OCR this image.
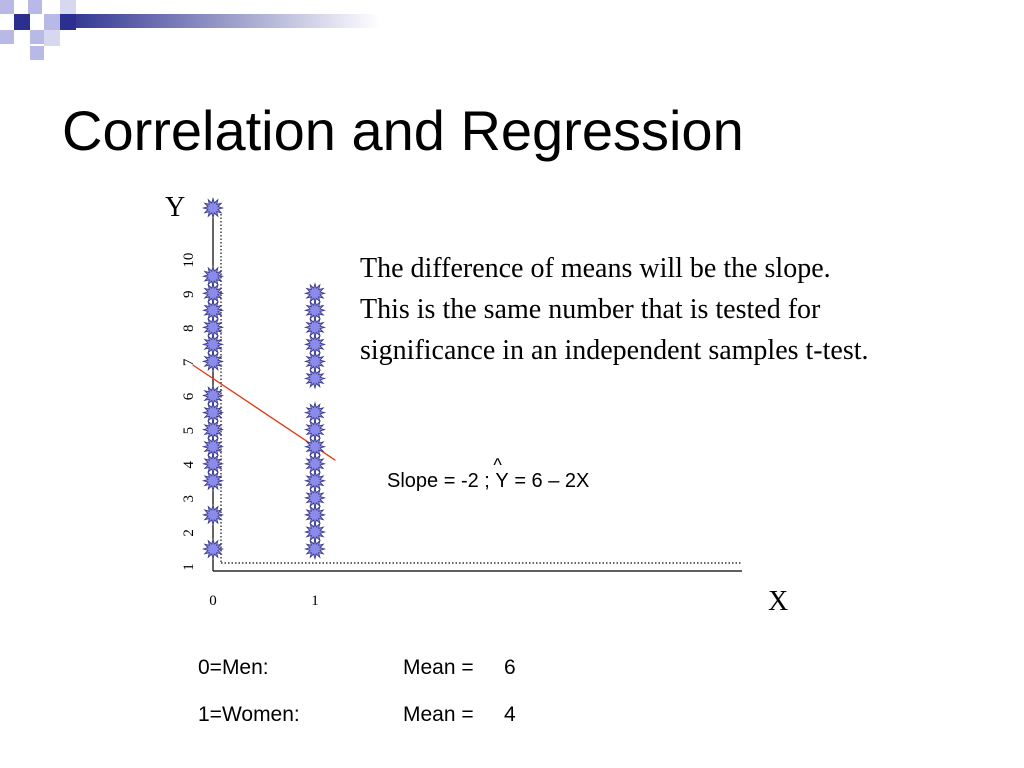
Correlation and Regression
Y
X
1
2
3
4
5
6
7
8
9
10
0	1
The difference of means will be the slope.
This is the same number that is tested for
significance in an independent samples t-test.
Slope = -2 ;
^
Y = 6 – 2X
0=Men:	Mean = 6
1=Women:	Mean = 4
